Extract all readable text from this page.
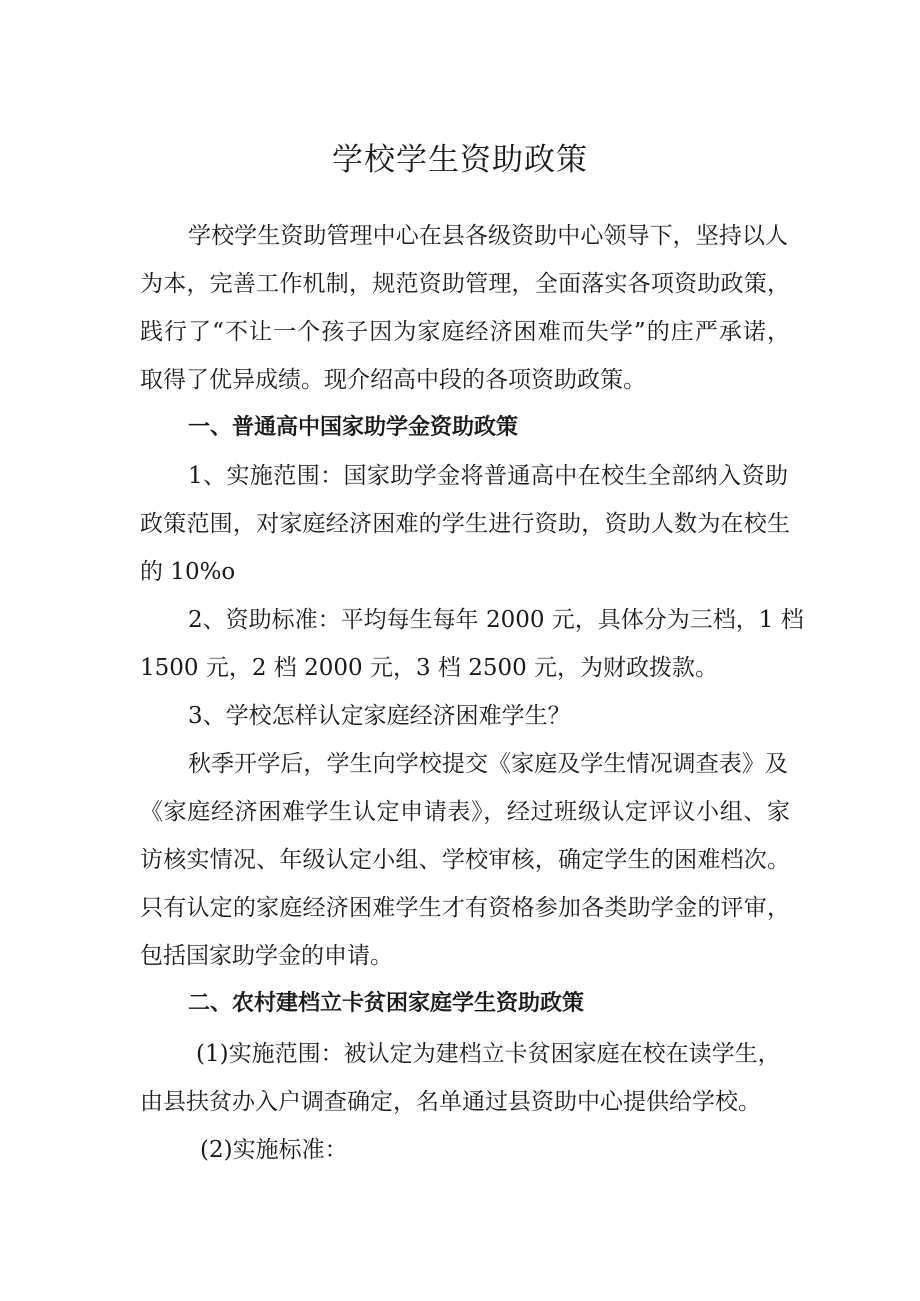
学校学生资助政策

学校学生资助管理中心在县各级资助中心领导下，坚持以人

为本，完善工作机制，规范资助管理，全面落实各项资助政策，

践行了“不让一个孩子因为家庭经济困难而失学”的庄严承诺，

取得了优异成绩。现介绍高中段的各项资助政策。

一、普通高中国家助学金资助政策

1、实施范围：国家助学金将普通高中在校生全部纳入资助

政策范围，对家庭经济困难的学生进行资助，资助人数为在校生

的 10%o

2、资助标准：平均每生每年 2000 元，具体分为三档，1 档

1500 元，2 档 2000 元，3 档 2500 元，为财政拨款。

3、学校怎样认定家庭经济困难学生？

秋季开学后，学生向学校提交《家庭及学生情况调查表》及

《家庭经济困难学生认定申请表》，经过班级认定评议小组、家

访核实情况、年级认定小组、学校审核，确定学生的困难档次。

只有认定的家庭经济困难学生才有资格参加各类助学金的评审，

包括国家助学金的申请。

二、农村建档立卡贫困家庭学生资助政策

(1)实施范围：被认定为建档立卡贫困家庭在校在读学生，

由县扶贫办入户调查确定，名单通过县资助中心提供给学校。

(2)实施标准：
